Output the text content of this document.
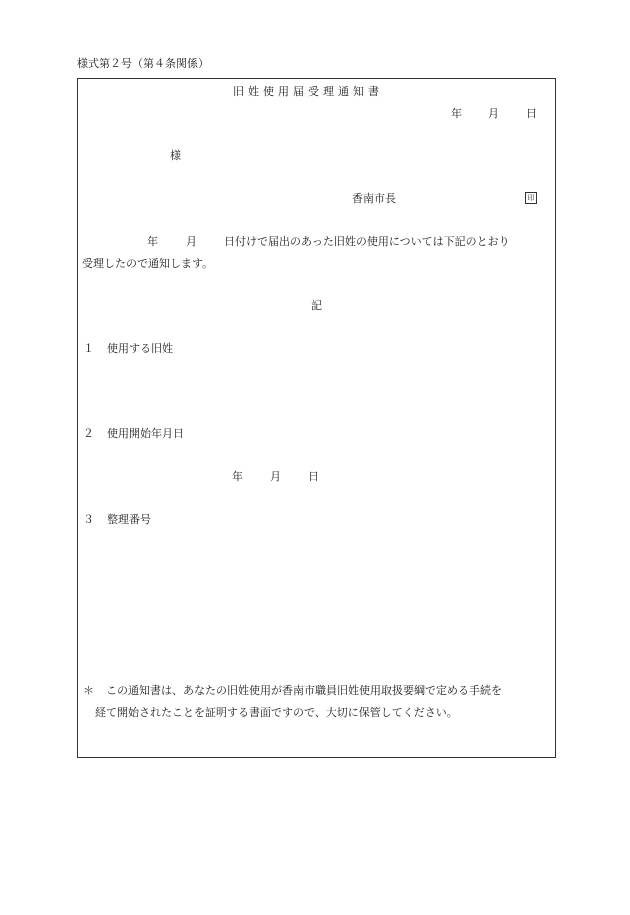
様式第２号（第４条関係）
旧姓使用届受理通知書
年 月 日
様
香南市長	印
年	月 日付けで届出のあった旧姓の使用については下記のとおり
受理したので通知します。
記
１ 使用する旧姓
２ 使用開始年月日
年 月 日
３ 整理番号
＊ この通知書は、あなたの旧姓使用が香南市職員旧姓使用取扱要綱で定める手続を
経て開始されたことを証明する書面ですので、大切に保管してください。
